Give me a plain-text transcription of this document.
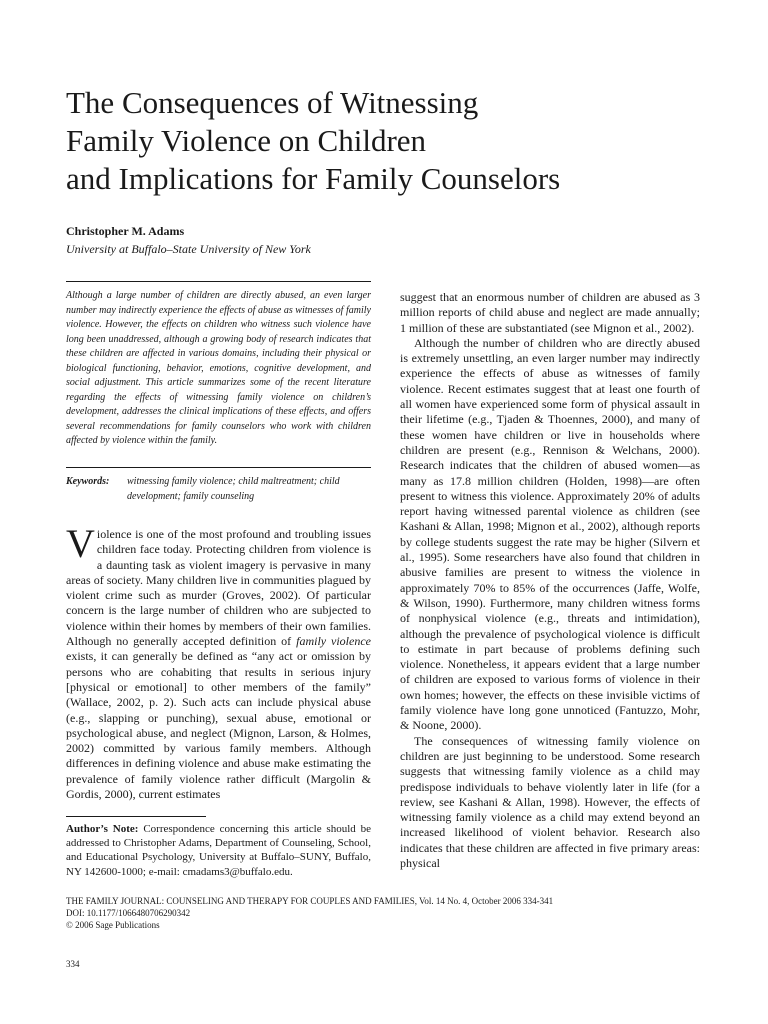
The Consequences of Witnessing
Family Violence on Children
and Implications for Family Counselors
Christopher M. Adams
University at Buffalo–State University of New York

Although a large number of children are directly abused, an even larger number may indirectly experience the effects of abuse as witnesses of family violence. However, the effects on children who witness such violence have long been unaddressed, although a growing body of research indicates that these children are affected in various domains, including their physical or biological functioning, behavior, emotions, cognitive development, and social adjustment. This article summarizes some of the recent literature regarding the effects of witnessing family violence on children’s development, addresses the clinical implications of these effects, and offers several recommendations for family counselors who work with children affected by violence within the family.

Keywords:	witnessing family violence; child maltreatment; child development; family counseling

Violence is one of the most profound and troubling issues children face today. Protecting children from violence is a daunting task as violent imagery is pervasive in many areas of society. Many children live in communities plagued by violent crime such as murder (Groves, 2002). Of particular concern is the large number of children who are subjected to violence within their homes by members of their own families. Although no generally accepted definition of family violence exists, it can generally be defined as “any act or omission by persons who are cohabiting that results in serious injury [physical or emotional] to other members of the family” (Wallace, 2002, p. 2). Such acts can include physical abuse (e.g., slapping or punching), sexual abuse, emotional or psychological abuse, and neglect (Mignon, Larson, & Holmes, 2002) committed by various family members. Although differences in defining violence and abuse make estimating the prevalence of family violence rather difficult (Margolin & Gordis, 2000), current estimates

Author’s Note: Correspondence concerning this article should be addressed to Christopher Adams, Department of Counseling, School, and Educational Psychology, University at Buffalo–SUNY, Buffalo, NY 142600-1000; e-mail: cmadams3@buffalo.edu.

suggest that an enormous number of children are abused as 3 million reports of child abuse and neglect are made annually; 1 million of these are substantiated (see Mignon et al., 2002).

Although the number of children who are directly abused is extremely unsettling, an even larger number may indirectly experience the effects of abuse as witnesses of family violence. Recent estimates suggest that at least one fourth of all women have experienced some form of physical assault in their lifetime (e.g., Tjaden & Thoennes, 2000), and many of these women have children or live in households where children are present (e.g., Rennison & Welchans, 2000). Research indicates that the children of abused women—as many as 17.8 million children (Holden, 1998)—are often present to witness this violence. Approximately 20% of adults report having witnessed parental violence as children (see Kashani & Allan, 1998; Mignon et al., 2002), although reports by college students suggest the rate may be higher (Silvern et al., 1995). Some researchers have also found that children in abusive families are present to witness the violence in approximately 70% to 85% of the occurrences (Jaffe, Wolfe, & Wilson, 1990). Furthermore, many children witness forms of nonphysical violence (e.g., threats and intimidation), although the prevalence of psychological violence is difficult to estimate in part because of problems defining such violence. Nonetheless, it appears evident that a large number of children are exposed to various forms of violence in their own homes; however, the effects on these invisible victims of family violence have long gone unnoticed (Fantuzzo, Mohr, & Noone, 2000).

The consequences of witnessing family violence on children are just beginning to be understood. Some research suggests that witnessing family violence as a child may predispose individuals to behave violently later in life (for a review, see Kashani & Allan, 1998). However, the effects of witnessing family violence as a child may extend beyond an increased likelihood of violent behavior. Research also indicates that these children are affected in five primary areas: physical

THE FAMILY JOURNAL: COUNSELING AND THERAPY FOR COUPLES AND FAMILIES, Vol. 14 No. 4, October 2006 334-341
DOI: 10.1177/1066480706290342
© 2006 Sage Publications
334
